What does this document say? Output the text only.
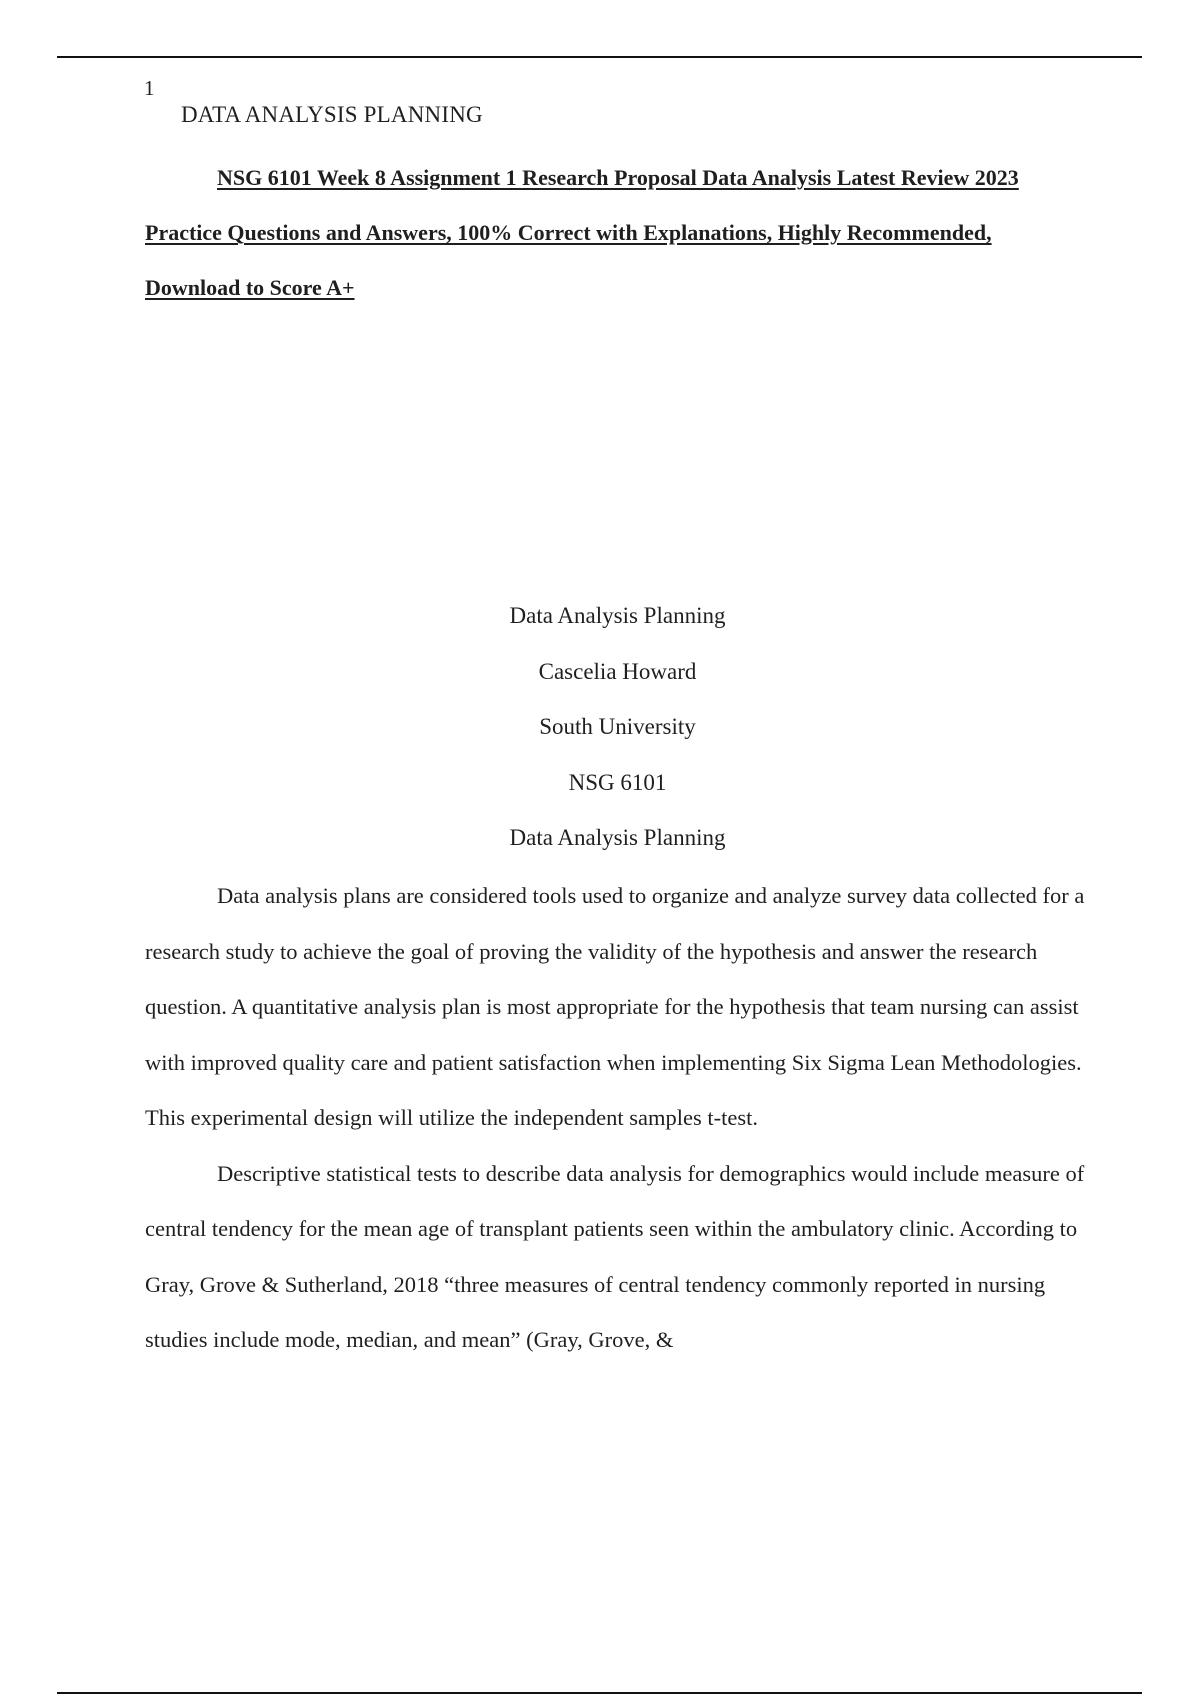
1
DATA ANALYSIS PLANNING
NSG 6101 Week 8 Assignment 1 Research Proposal Data Analysis Latest Review 2023 Practice Questions and Answers, 100% Correct with Explanations, Highly Recommended, Download to Score A+
Data Analysis Planning
Cascelia Howard
South University
NSG 6101
Data Analysis Planning

Data analysis plans are considered tools used to organize and analyze survey data collected for a research study to achieve the goal of proving the validity of the hypothesis and answer the research question. A quantitative analysis plan is most appropriate for the hypothesis that team nursing can assist with improved quality care and patient satisfaction when implementing Six Sigma Lean Methodologies. This experimental design will utilize the independent samples t-test.

Descriptive statistical tests to describe data analysis for demographics would include measure of central tendency for the mean age of transplant patients seen within the ambulatory clinic. According to Gray, Grove & Sutherland, 2018 “three measures of central tendency commonly reported in nursing studies include mode, median, and mean” (Gray, Grove, &
